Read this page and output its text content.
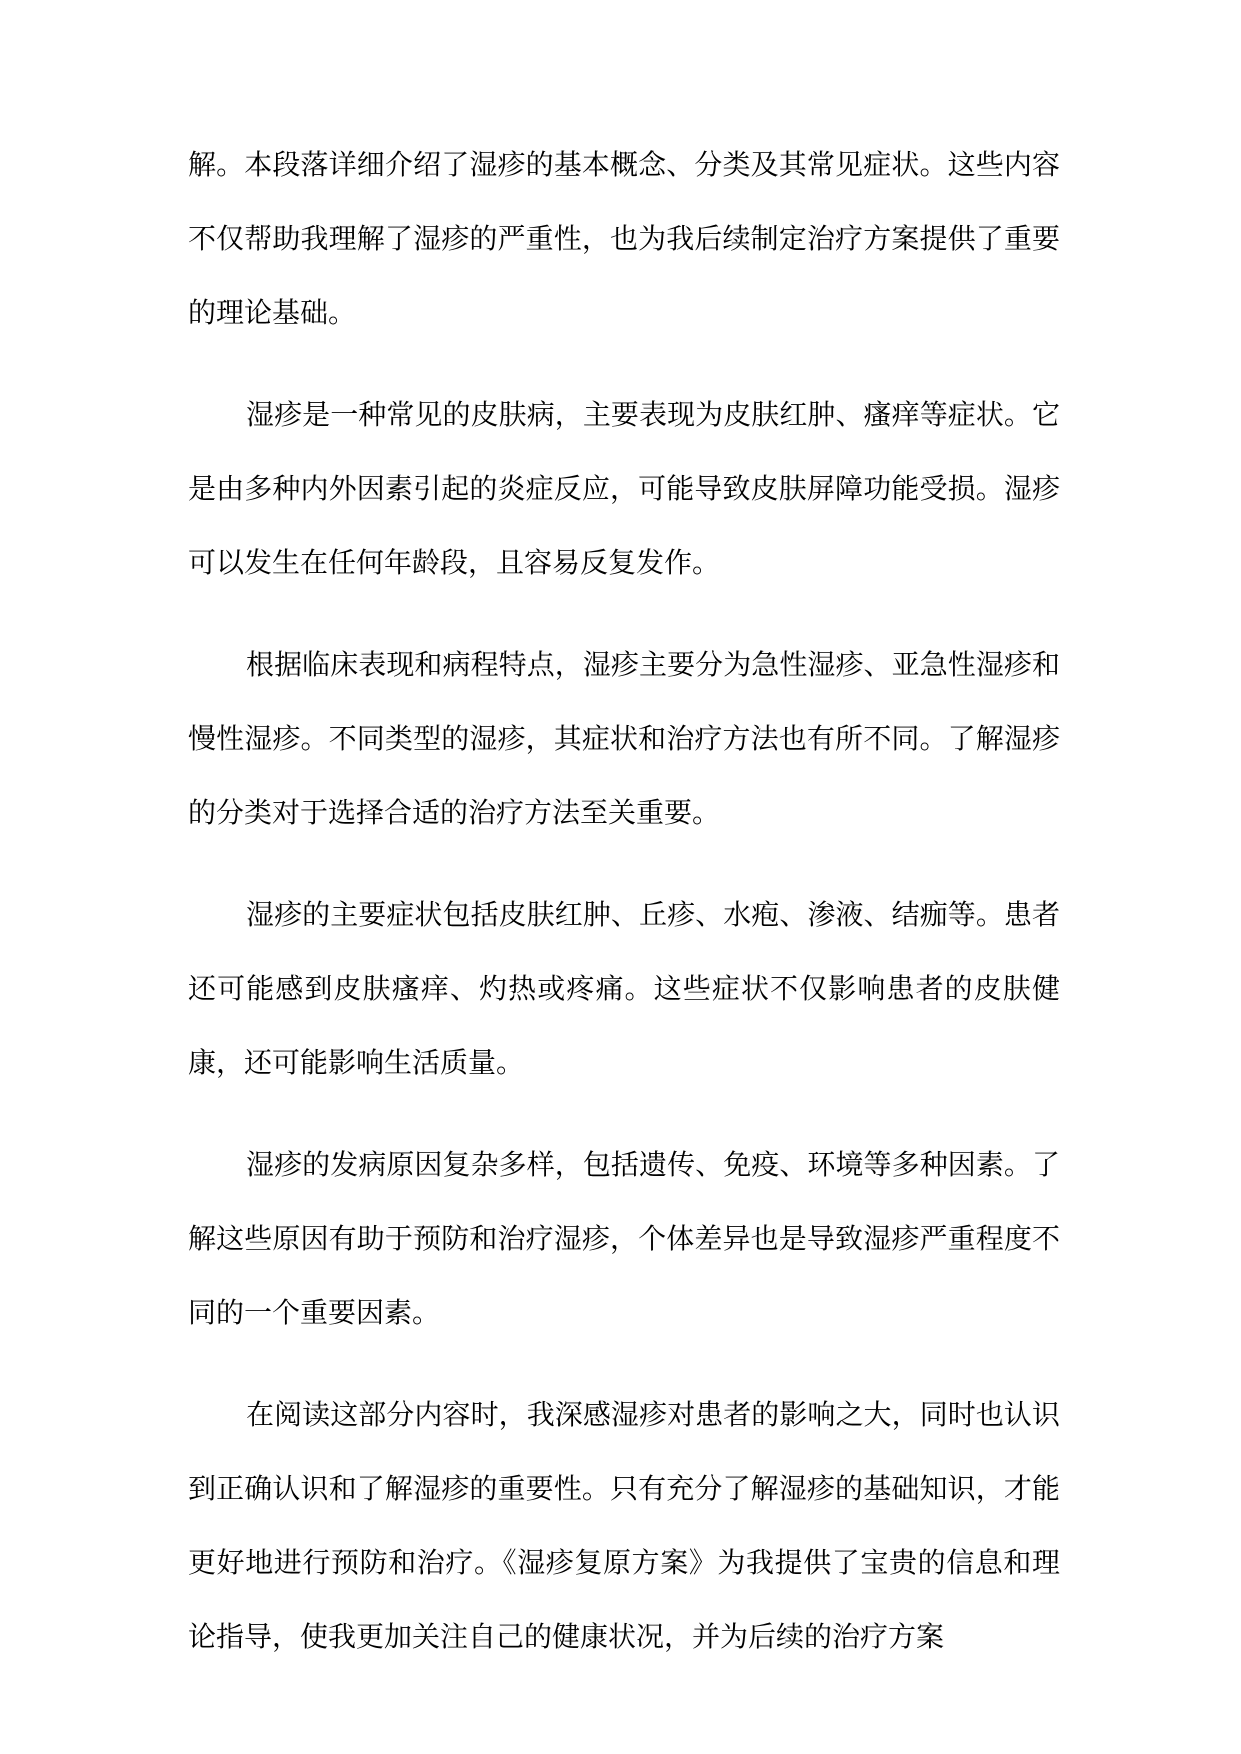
解。本段落详细介绍了湿疹的基本概念、分类及其常见症状。这些内容不仅帮助我理解了湿疹的严重性，也为我后续制定治疗方案提供了重要的理论基础。

湿疹是一种常见的皮肤病，主要表现为皮肤红肿、瘙痒等症状。它是由多种内外因素引起的炎症反应，可能导致皮肤屏障功能受损。湿疹可以发生在任何年龄段，且容易反复发作。

根据临床表现和病程特点，湿疹主要分为急性湿疹、亚急性湿疹和慢性湿疹。不同类型的湿疹，其症状和治疗方法也有所不同。了解湿疹的分类对于选择合适的治疗方法至关重要。

湿疹的主要症状包括皮肤红肿、丘疹、水疱、渗液、结痂等。患者还可能感到皮肤瘙痒、灼热或疼痛。这些症状不仅影响患者的皮肤健康，还可能影响生活质量。

湿疹的发病原因复杂多样，包括遗传、免疫、环境等多种因素。了解这些原因有助于预防和治疗湿疹，个体差异也是导致湿疹严重程度不同的一个重要因素。

在阅读这部分内容时，我深感湿疹对患者的影响之大，同时也认识到正确认识和了解湿疹的重要性。只有充分了解湿疹的基础知识，才能更好地进行预防和治疗。《湿疹复原方案》为我提供了宝贵的信息和理论指导，使我更加关注自己的健康状况，并为后续的治疗方案
